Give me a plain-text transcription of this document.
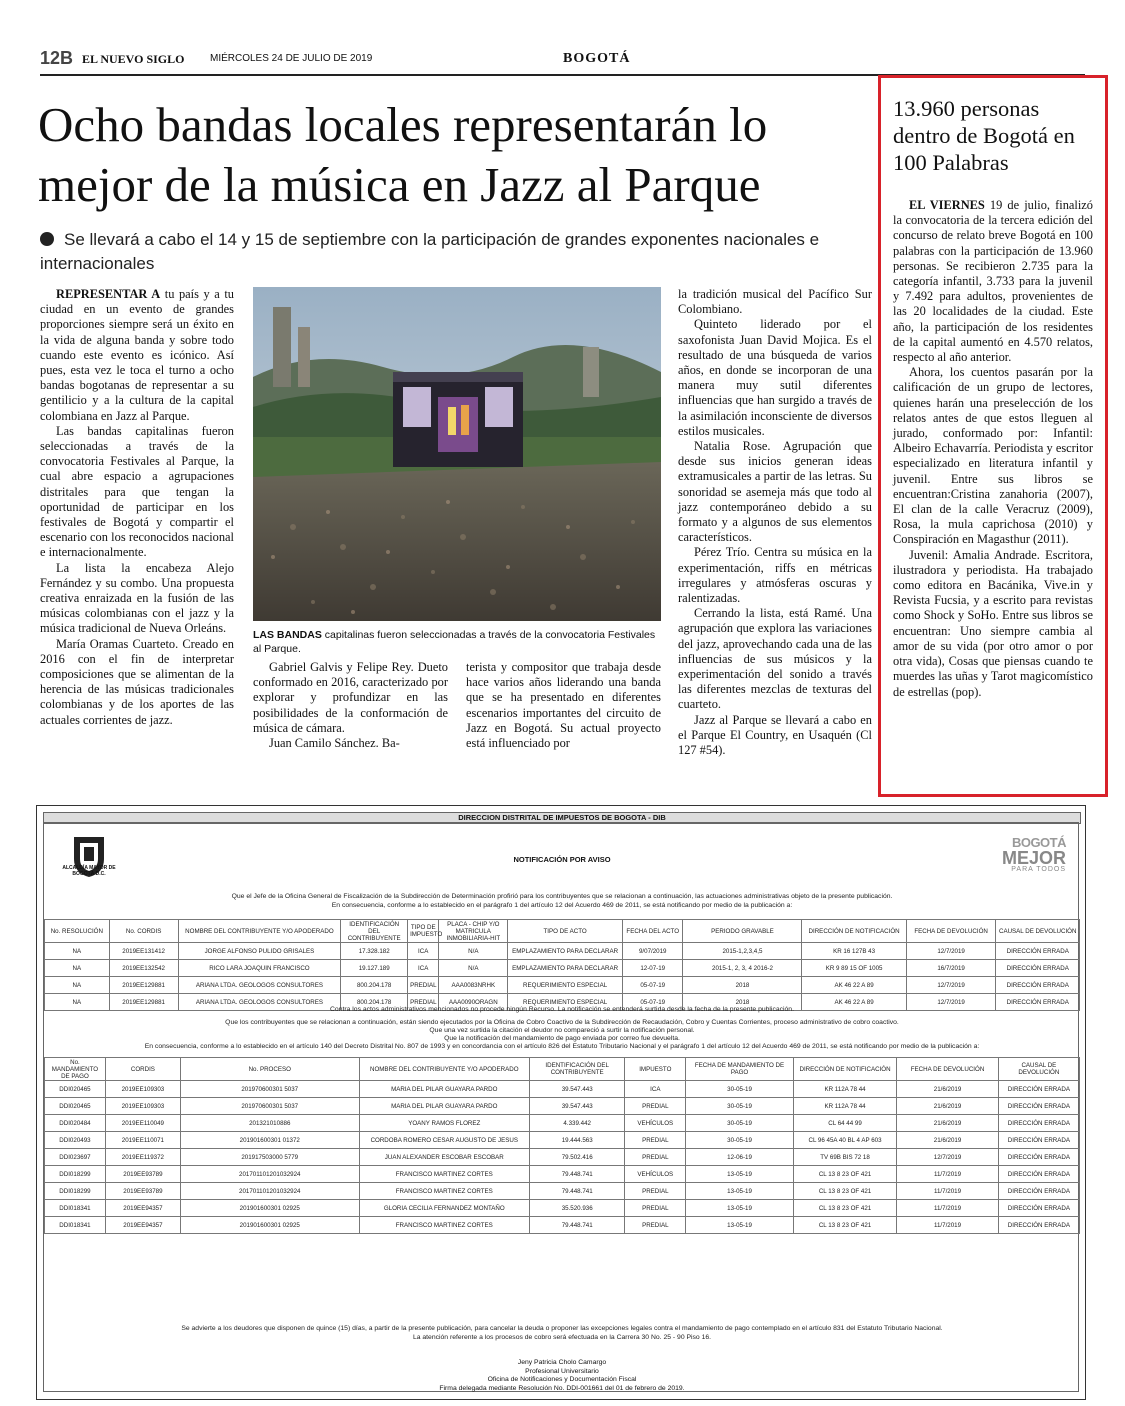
12B EL NUEVO SIGLO	MIÉRCOLES 24 DE JULIO DE 2019	BOGOTÁ
Ocho bandas locales representarán lo mejor de la música en Jazz al Parque
Se llevará a cabo el 14 y 15 de septiembre con la participación de grandes exponentes nacionales e internacionales

REPRESENTAR A tu país y a tu ciudad en un evento de grandes proporciones siempre será un éxito en la vida de alguna banda y sobre todo cuando este evento es icónico. Así pues, esta vez le toca el turno a ocho bandas bogotanas de representar a su gentilicio y a la cultura de la capital colombiana en Jazz al Parque.

Las bandas capitalinas fueron seleccionadas a través de la convocatoria Festivales al Parque, la cual abre espacio a agrupaciones distritales para que tengan la oportunidad de participar en los festivales de Bogotá y compartir el escenario con los reconocidos nacional e internacionalmente.

La lista la encabeza Alejo Fernández y su combo. Una propuesta creativa enraizada en la fusión de las músicas colombianas con el jazz y la música tradicional de Nueva Orleáns.

María Oramas Cuarteto. Creado en 2016 con el fin de interpretar composiciones que se alimentan de la herencia de las músicas tradicionales colombianas y de los aportes de las actuales corrientes de jazz.

LAS BANDAS capitalinas fueron seleccionadas a través de la convocatoria Festivales al Parque.

Gabriel Galvis y Felipe Rey. Dueto conformado en 2016, caracterizado por explorar y profundizar en las posibilidades de la conformación de música de cámara.

Juan Camilo Sánchez. Ba-

terista y compositor que trabaja desde hace varios años liderando una banda que se ha presentado en diferentes escenarios importantes del circuito de Jazz en Bogotá. Su actual proyecto está influenciado por

la tradición musical del Pacífico Sur Colombiano.

Quinteto liderado por el saxofonista Juan David Mojica. Es el resultado de una búsqueda de varios años, en donde se incorporan de una manera muy sutil diferentes influencias que han surgido a través de la asimilación inconsciente de diversos estilos musicales.

Natalia Rose. Agrupación que desde sus inicios generan ideas extramusicales a partir de las letras. Su sonoridad se asemeja más que todo al jazz contemporáneo debido a su formato y a algunos de sus elementos característicos.

Pérez Trío. Centra su música en la experimentación, riffs en métricas irregulares y atmósferas oscuras y ralentizadas.

Cerrando la lista, está Ramé. Una agrupación que explora las variaciones del jazz, aprovechando cada una de las influencias de sus músicos y la experimentación del sonido a través las diferentes mezclas de texturas del cuarteto.

Jazz al Parque se llevará a cabo en el Parque El Country, en Usaquén (Cl 127 #54).

13.960 personas dentro de Bogotá en 100 Palabras

EL VIERNES 19 de julio, finalizó la convocatoria de la tercera edición del concurso de relato breve Bogotá en 100 palabras con la participación de 13.960 personas. Se recibieron 2.735 para la categoría infantil, 3.733 para la juvenil y 7.492 para adultos, provenientes de las 20 localidades de la ciudad. Este año, la participación de los residentes de la capital aumentó en 4.570 relatos, respecto al año anterior.

Ahora, los cuentos pasarán por la calificación de un grupo de lectores, quienes harán una preselección de los relatos antes de que estos lleguen al jurado, conformado por: Infantil: Albeiro Echavarría. Periodista y escritor especializado en literatura infantil y juvenil. Entre sus libros se encuentran:Cristina zanahoria (2007), El clan de la calle Veracruz (2009), Rosa, la mula caprichosa (2010) y Conspiración en Magasthur (2011).

Juvenil: Amalia Andrade. Escritora, ilustradora y periodista. Ha trabajado como editora en Bacánika, Vive.in y Revista Fucsia, y a escrito para revistas como Shock y SoHo. Entre sus libros se encuentran: Uno siempre cambia al amor de su vida (por otro amor o por otra vida), Cosas que piensas cuando te muerdes las uñas y Tarot magicomístico de estrellas (pop).

DIRECCION DISTRITAL DE IMPUESTOS DE BOGOTA - DIB
ALCALDÍA MAYOR DE BOGOTÁ D.C.
NOTIFICACIÓN POR AVISO
BOGOTÁ
MEJOR
PARA TODOS
Que el Jefe de la Oficina General de Fiscalización de la Subdirección de Determinación profirió para los contribuyentes que se relacionan a continuación, las actuaciones administrativas objeto de la presente publicación.
En consecuencia, conforme a lo establecido en el parágrafo 1 del artículo 12 del Acuerdo 469 de 2011, se está notificando por medio de la publicación a:
No. RESOLUCIÓN	No. CORDIS	NOMBRE DEL CONTRIBUYENTE Y/O APODERADO	IDENTIFICACIÓN DEL CONTRIBUYENTE	TIPO DE IMPUESTO	PLACA - CHIP Y/O MATRICULA INMOBILIARIA-HIT	TIPO DE ACTO	FECHA DEL ACTO	PERIODO GRAVABLE	DIRECCIÓN DE NOTIFICACIÓN	FECHA DE DEVOLUCIÓN	CAUSAL DE DEVOLUCIÓN
NA	2019EE131412	JORGE ALFONSO PULIDO GRISALES	17.328.182	ICA	N/A	EMPLAZAMIENTO PARA DECLARAR	9/07/2019	2015-1,2,3,4,5	KR 16 127B 43	12/7/2019	DIRECCIÓN ERRADA
NA	2019EE132542	RICO LARA JOAQUIN FRANCISCO	19.127.189	ICA	N/A	EMPLAZAMIENTO PARA DECLARAR	12-07-19	2015-1, 2, 3, 4 2016-2	KR 9 89 15 OF 1005	16/7/2019	DIRECCIÓN ERRADA
NA	2019EE129881	ARIANA LTDA. GEOLOGOS CONSULTORES	800.204.178	PREDIAL	AAA0083NRHK	REQUERIMIENTO ESPECIAL	05-07-19	2018	AK 46 22 A 89	12/7/2019	DIRECCIÓN ERRADA
NA	2019EE129881	ARIANA LTDA. GEOLOGOS CONSULTORES	800.204.178	PREDIAL	AAA0090ORAGN	REQUERIMIENTO ESPECIAL	05-07-19	2018	AK 46 22 A 89	12/7/2019	DIRECCIÓN ERRADA
Contra los actos administrativos mencionados no procede ningún Recurso. La notificación se entenderá surtida desde la fecha de la presente publicación.
Que los contribuyentes que se relacionan a continuación, están siendo ejecutados por la Oficina de Cobro Coactivo de la Subdirección de Recaudación, Cobro y Cuentas Corrientes, proceso administrativo de cobro coactivo.
Que una vez surtida la citación el deudor no compareció a surtir la notificación personal.
Que la notificación del mandamiento de pago enviada por correo fue devuelta.
En consecuencia, conforme a lo establecido en el artículo 140 del Decreto Distrital No. 807 de 1993 y en concordancia con el artículo 826 del Estatuto Tributario Nacional y el parágrafo 1 del artículo 12 del Acuerdo 469 de 2011, se está notificando por medio de la publicación a:
No. MANDAMIENTO DE PAGO	CORDIS	No. PROCESO	NOMBRE DEL CONTRIBUYENTE Y/O APODERADO	IDENTIFICACIÓN DEL CONTRIBUYENTE	IMPUESTO	FECHA DE MANDAMIENTO DE PAGO	DIRECCIÓN DE NOTIFICACIÓN	FECHA DE DEVOLUCIÓN	CAUSAL DE DEVOLUCIÓN
DDI020465	2019EE109303	201970600301 5037	MARIA DEL PILAR GUAYARA PARDO	39.547.443	ICA	30-05-19	KR 112A 78 44	21/6/2019	DIRECCIÓN ERRADA
DDI020465	2019EE109303	201970600301 5037	MARIA DEL PILAR GUAYARA PARDO	39.547.443	PREDIAL	30-05-19	KR 112A 78 44	21/6/2019	DIRECCIÓN ERRADA
DDI020484	2019EE110049	201321010886	YOANY RAMOS FLOREZ	4.339.442	VEHÍCULOS	30-05-19	CL 64 44 99	21/6/2019	DIRECCIÓN ERRADA
DDI020493	2019EE110071	201901600301 01372	CORDOBA ROMERO CESAR AUGUSTO DE JESUS	19.444.563	PREDIAL	30-05-19	CL 96 45A 40 BL 4 AP 603	21/6/2019	DIRECCIÓN ERRADA
DDI023697	2019EE119372	201917503000 5779	JUAN ALEXANDER ESCOBAR ESCOBAR	79.502.416	PREDIAL	12-06-19	TV 69B BIS 72 18	12/7/2019	DIRECCIÓN ERRADA
DDI018299	2019EE93789	201701101201032924	FRANCISCO MARTINEZ CORTES	79.448.741	VEHÍCULOS	13-05-19	CL 13 8 23 OF 421	11/7/2019	DIRECCIÓN ERRADA
DDI018299	2019EE93789	201701101201032924	FRANCISCO MARTINEZ CORTES	79.448.741	PREDIAL	13-05-19	CL 13 8 23 OF 421	11/7/2019	DIRECCIÓN ERRADA
DDI018341	2019EE94357	201901600301 02925	GLORIA CECILIA FERNANDEZ MONTAÑO	35.520.936	PREDIAL	13-05-19	CL 13 8 23 OF 421	11/7/2019	DIRECCIÓN ERRADA
DDI018341	2019EE94357	201901600301 02925	FRANCISCO MARTINEZ CORTES	79.448.741	PREDIAL	13-05-19	CL 13 8 23 OF 421	11/7/2019	DIRECCIÓN ERRADA
Se advierte a los deudores que disponen de quince (15) días, a partir de la presente publicación, para cancelar la deuda o proponer las excepciones legales contra el mandamiento de pago contemplado en el artículo 831 del Estatuto Tributario Nacional.
La atención referente a los procesos de cobro será efectuada en la Carrera 30 No. 25 - 90 Piso 16.
Jeny Patricia Cholo Camargo
Profesional Universitario
Oficina de Notificaciones y Documentación Fiscal
Firma delegada mediante Resolución No. DDI-001661 del 01 de febrero de 2019.
